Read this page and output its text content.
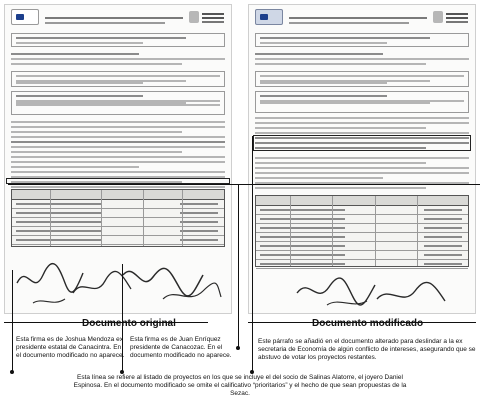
Documento original	Documento modificado
Esta firma es de Joshua Mendoza ex presidente estatal de Canacintra. En el documento modificado no aparece.
Esta firma es de Juan Enríquez presidente de Canacozac. En el documento modificado no aparece.
Este párrafo se añadió en el documento alterado para deslindar a la ex secretaria de Economía de algún conflicto de intereses, asegurando que se abstuvo de votar los proyectos restantes.
Esta línea se refiere al listado de proyectos en los que se incluye el del socio de Salinas Alatorre, el joyero Daniel Espinosa. En el documento modificado se omite el calificativo “prioritarios” y el hecho de que sean propuestas de la Sezac.
